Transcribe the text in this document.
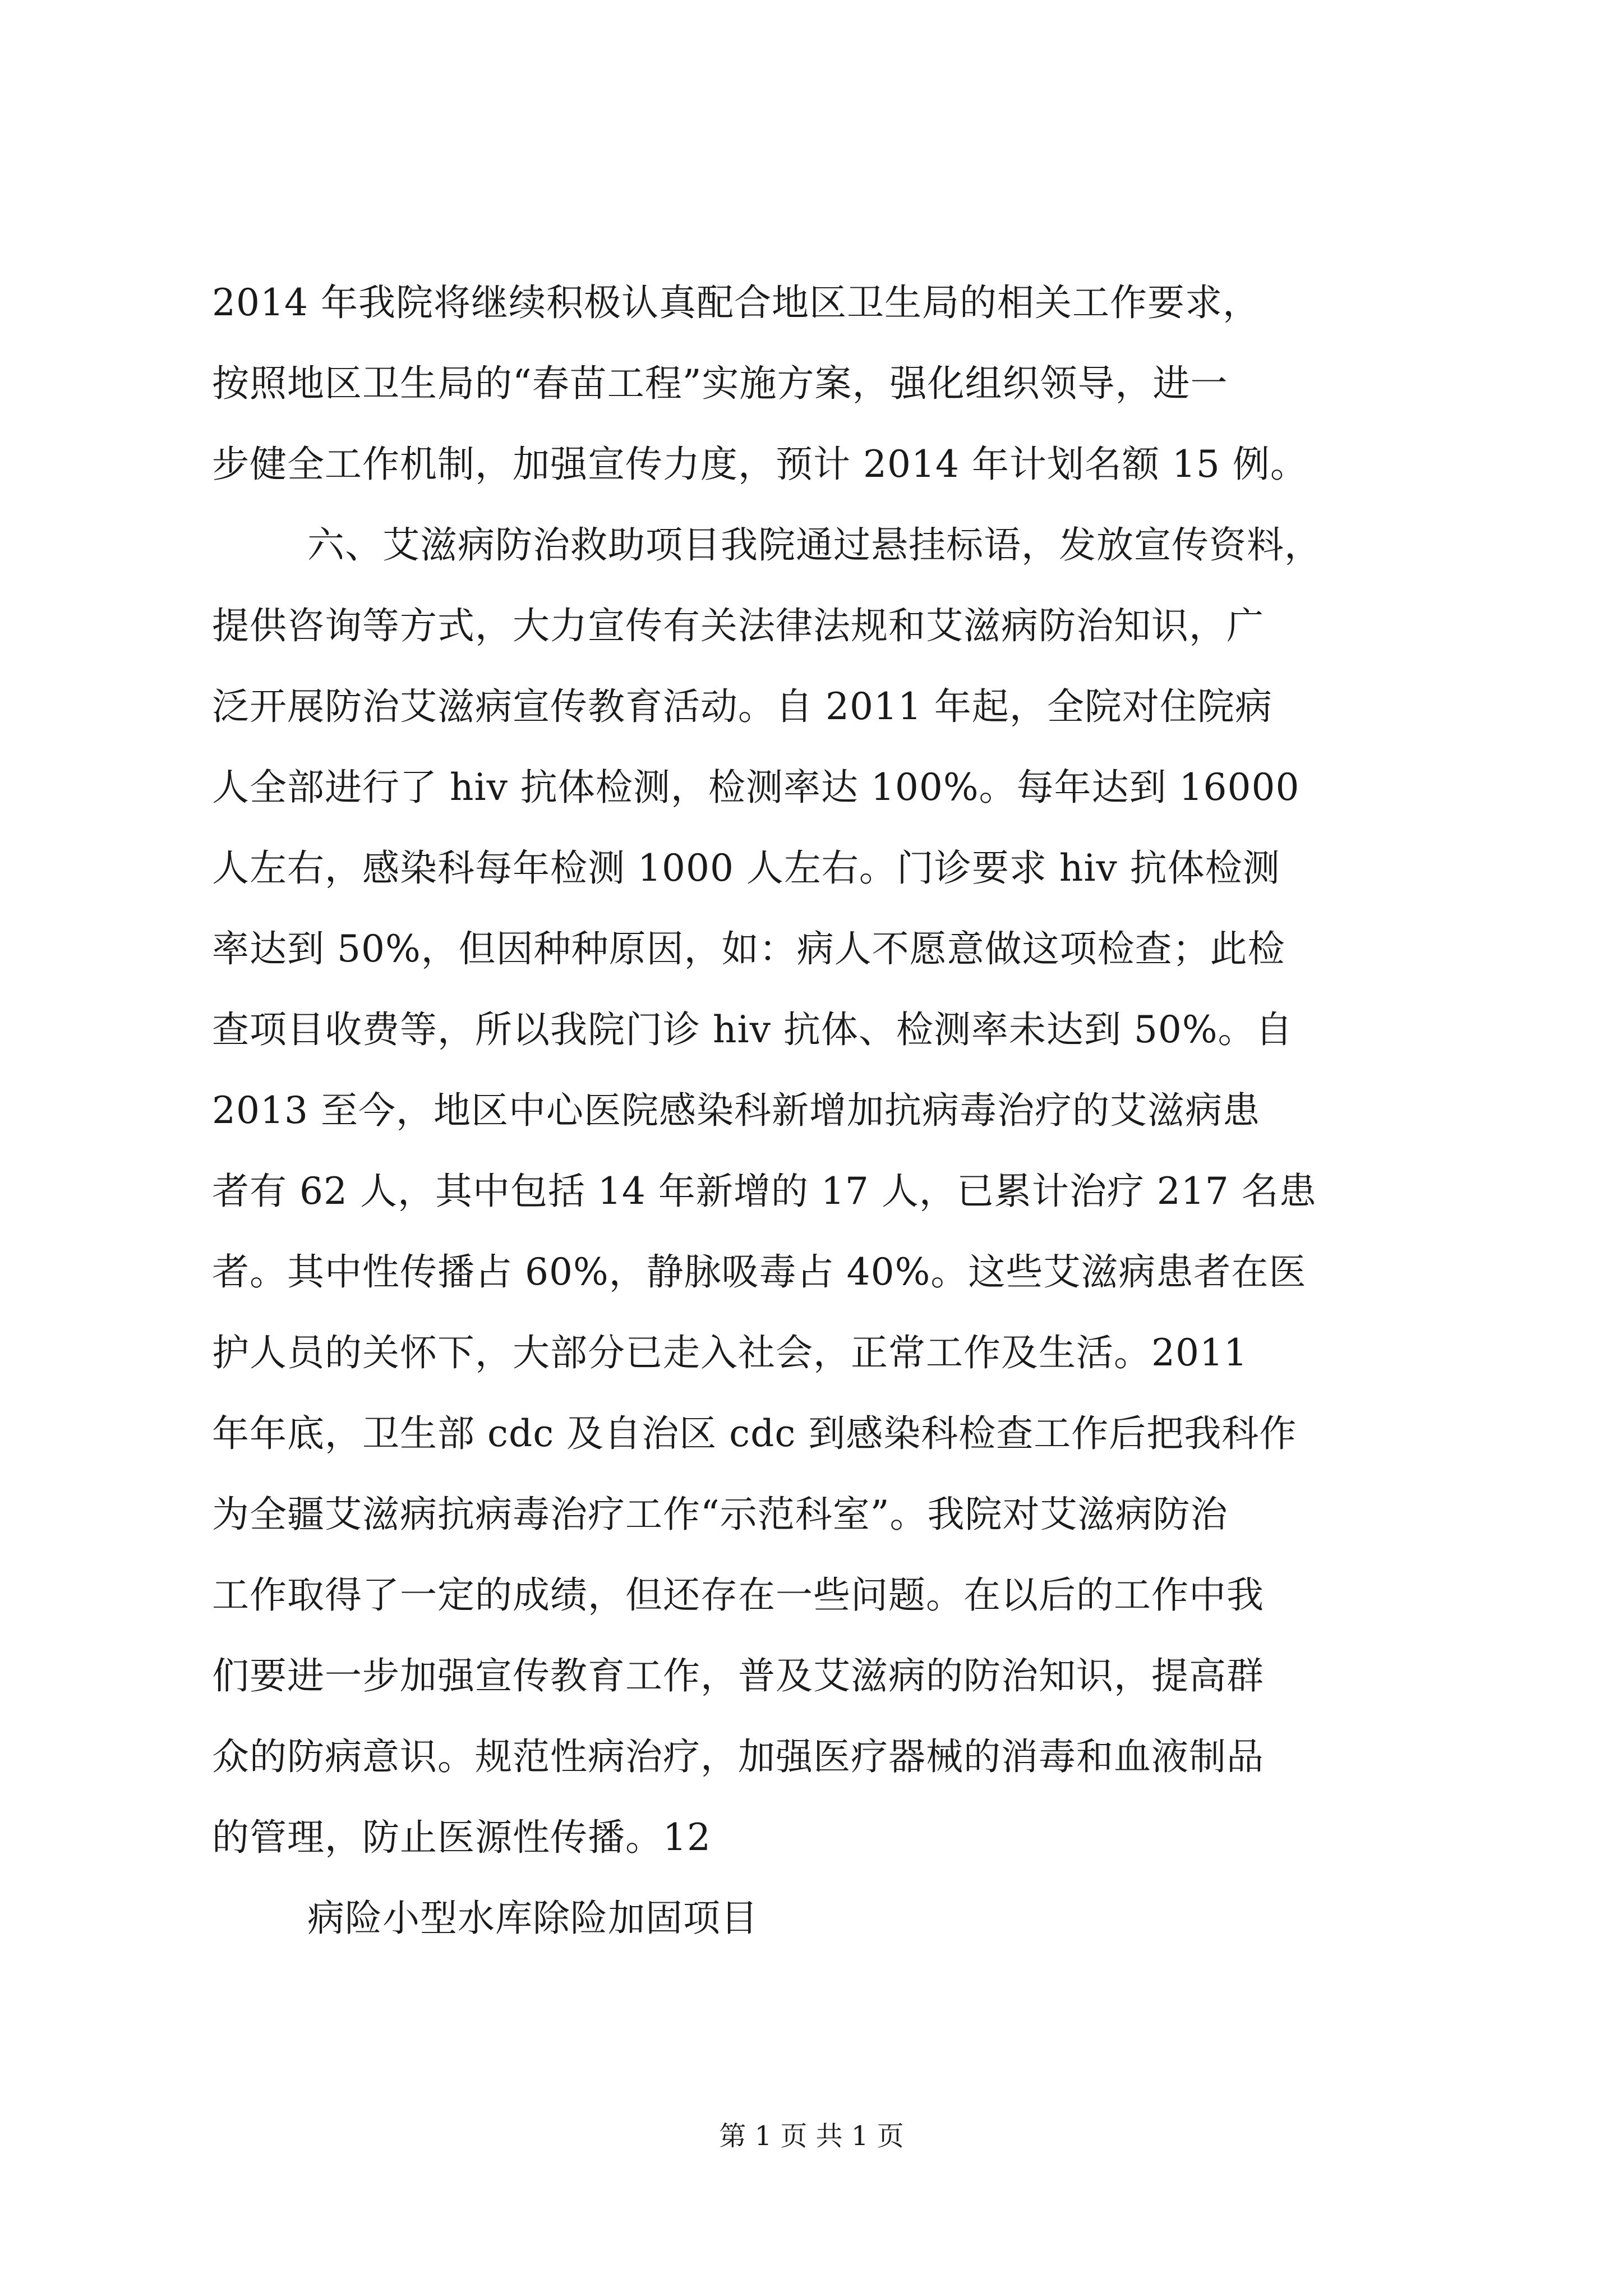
2014 年我院将继续积极认真配合地区卫生局的相关工作要求，
按照地区卫生局的“春苗工程”实施方案，强化组织领导，进一
步健全工作机制，加强宣传力度，预计 2014 年计划名额 15 例。
六、艾滋病防治救助项目我院通过悬挂标语，发放宣传资料，
提供咨询等方式，大力宣传有关法律法规和艾滋病防治知识，广
泛开展防治艾滋病宣传教育活动。自 2011 年起，全院对住院病
人全部进行了 hiv 抗体检测，检测率达 100%。每年达到 16000
人左右，感染科每年检测 1000 人左右。门诊要求 hiv 抗体检测
率达到 50%，但因种种原因，如：病人不愿意做这项检查；此检
查项目收费等，所以我院门诊 hiv 抗体、检测率未达到 50%。自
2013 至今，地区中心医院感染科新增加抗病毒治疗的艾滋病患
者有 62 人，其中包括 14 年新增的 17 人，已累计治疗 217 名患
者。其中性传播占 60%，静脉吸毒占 40%。这些艾滋病患者在医
护人员的关怀下，大部分已走入社会，正常工作及生活。2011
年年底，卫生部 cdc 及自治区 cdc 到感染科检查工作后把我科作
为全疆艾滋病抗病毒治疗工作“示范科室”。我院对艾滋病防治
工作取得了一定的成绩，但还存在一些问题。在以后的工作中我
们要进一步加强宣传教育工作，普及艾滋病的防治知识，提高群
众的防病意识。规范性病治疗，加强医疗器械的消毒和血液制品
的管理，防止医源性传播。12
病险小型水库除险加固项目
第 1 页 共 1 页
